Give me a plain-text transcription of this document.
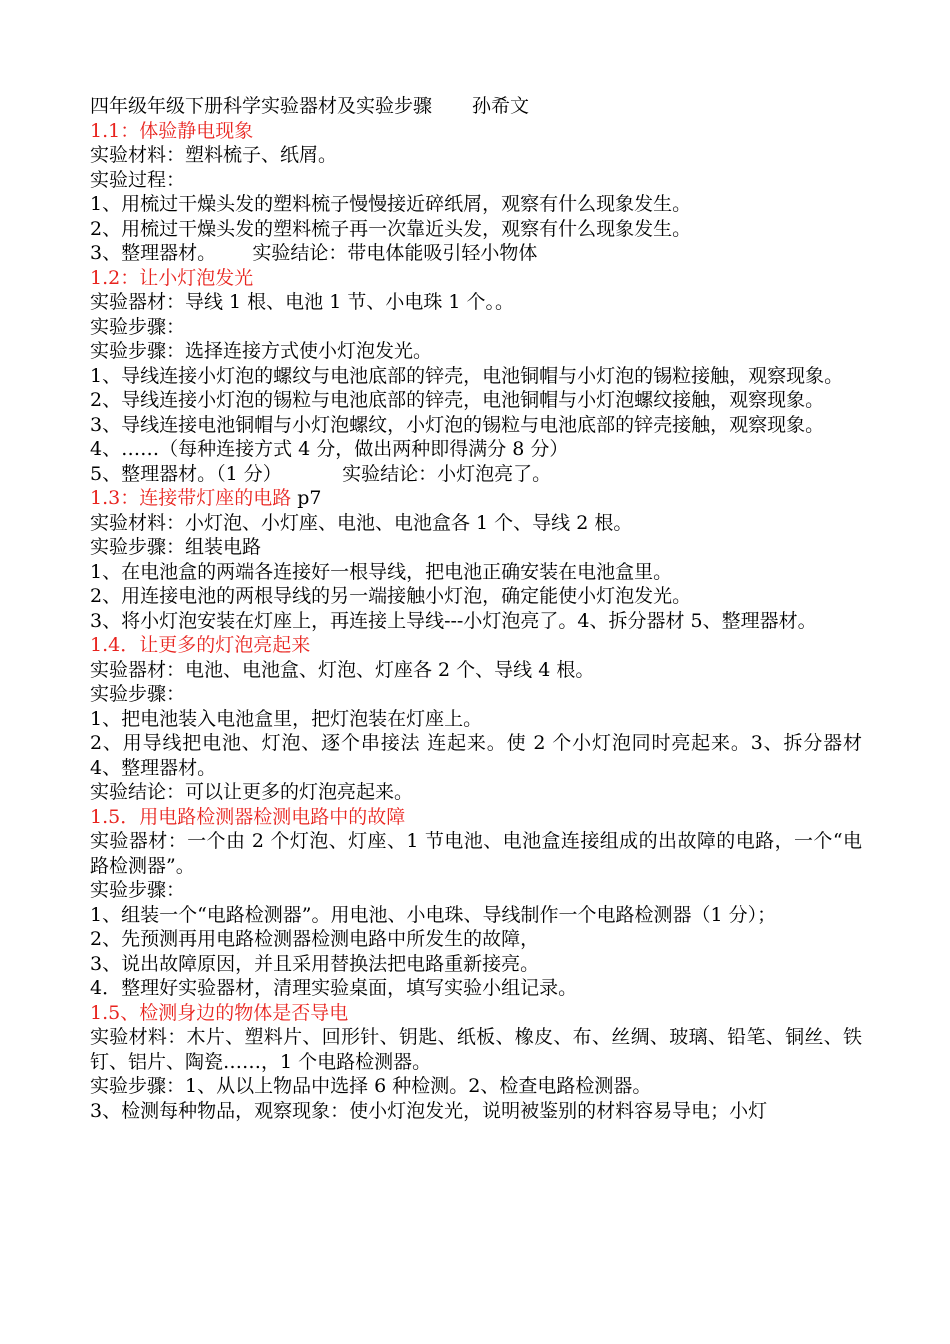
四年级年级下册科学实验器材及实验步骤 孙希文
1.1：体验静电现象
实验材料：塑料梳子、纸屑。
实验过程：
1、用梳过干燥头发的塑料梳子慢慢接近碎纸屑，观察有什么现象发生。
2、用梳过干燥头发的塑料梳子再一次靠近头发，观察有什么现象发生。
3、整理器材。      实验结论：带电体能吸引轻小物体
1.2：让小灯泡发光
实验器材：导线 1 根、电池 1 节、小电珠 1 个。。
实验步骤：
实验步骤：选择连接方式使小灯泡发光。
1、导线连接小灯泡的螺纹与电池底部的锌壳，电池铜帽与小灯泡的锡粒接触，观察现象。
2、导线连接小灯泡的锡粒与电池底部的锌壳，电池铜帽与小灯泡螺纹接触，观察现象。
3、导线连接电池铜帽与小灯泡螺纹，小灯泡的锡粒与电池底部的锌壳接触，观察现象。
4、……（每种连接方式 4 分，做出两种即得满分 8 分）
5、整理器材。（1 分）          实验结论：小灯泡亮了。
1.3：连接带灯座的电路 p7
实验材料：小灯泡、小灯座、电池、电池盒各 1 个、导线 2 根。
实验步骤：组装电路
1、在电池盒的两端各连接好一根导线，把电池正确安装在电池盒里。
2、用连接电池的两根导线的另一端接触小灯泡，确定能使小灯泡发光。
3、将小灯泡安装在灯座上，再连接上导线---小灯泡亮了。4、拆分器材 5、整理器材。
1.4．让更多的灯泡亮起来
实验器材：电池、电池盒、灯泡、灯座各 2 个、导线 4 根。
实验步骤：
1、把电池装入电池盒里，把灯泡装在灯座上。
2、用导线把电池、灯泡、逐个串接法 连起来。使 2 个小灯泡同时亮起来。3、拆分器材 4、整理器材。
实验结论：可以让更多的灯泡亮起来。
1.5．用电路检测器检测电路中的故障
实验器材：一个由 2 个灯泡、灯座、1 节电池、电池盒连接组成的出故障的电路，一个“电路检测器”。
实验步骤：
1、组装一个“电路检测器”。用电池、小电珠、导线制作一个电路检测器（1 分）；
2、先预测再用电路检测器检测电路中所发生的故障，
3、说出故障原因，并且采用替换法把电路重新接亮。
4．整理好实验器材，清理实验桌面，填写实验小组记录。
1.5、检测身边的物体是否导电
实验材料：木片、塑料片、回形针、钥匙、纸板、橡皮、布、丝绸、玻璃、铅笔、铜丝、铁钉、铝片、陶瓷……，1 个电路检测器。
实验步骤：1、从以上物品中选择 6 种检测。2、检查电路检测器。
3、检测每种物品，观察现象：使小灯泡发光，说明被鉴别的材料容易导电；小灯
